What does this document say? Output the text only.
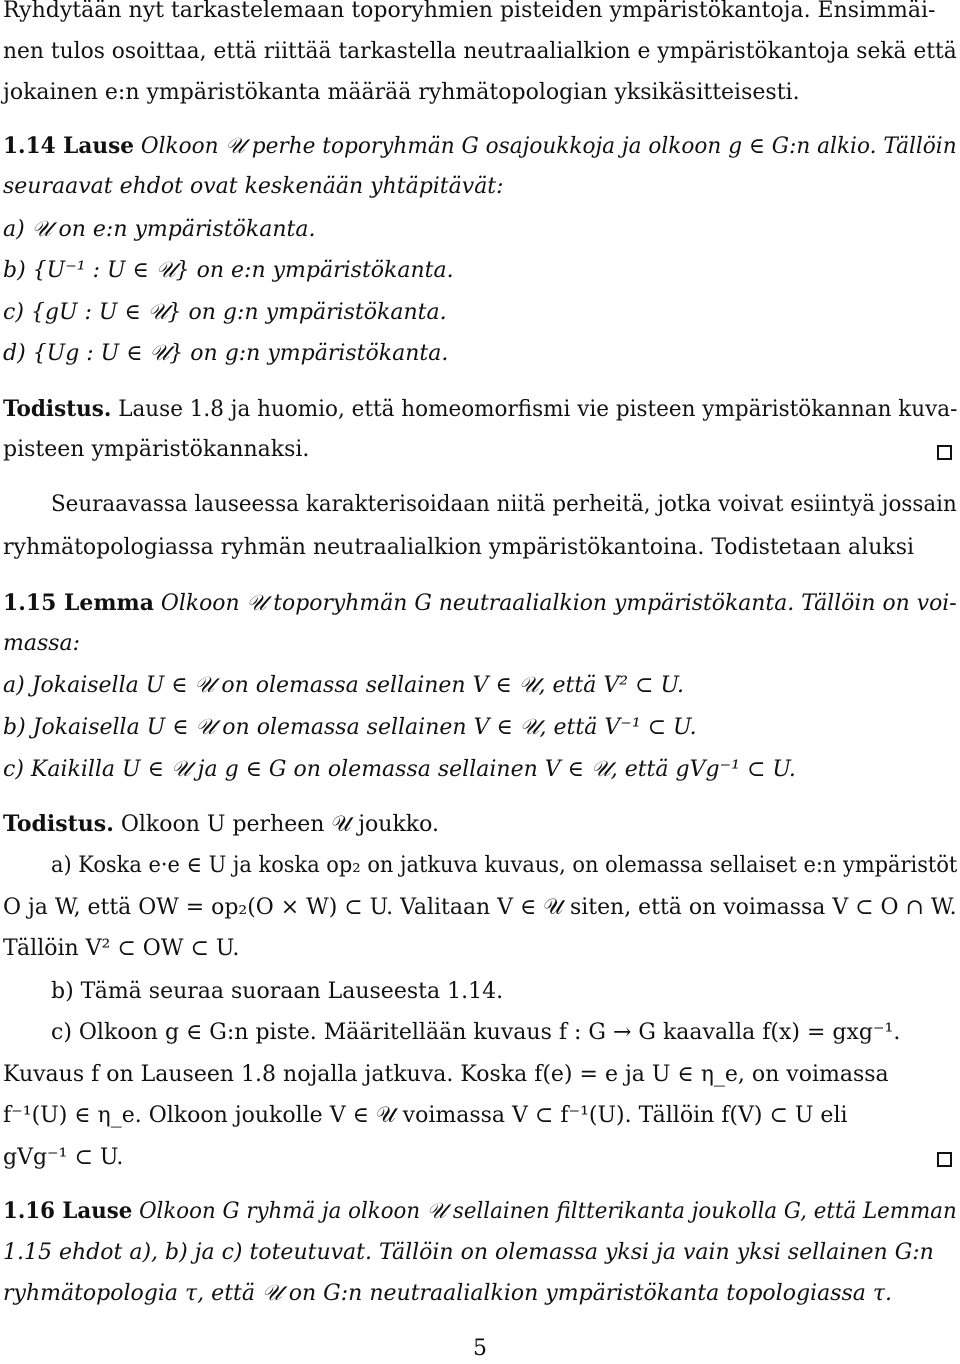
Ryhdytään nyt tarkastelemaan toporyhmien pisteiden ympäristökantoja. Ensimmäi-
nen tulos osoittaa, että riittää tarkastella neutraalialkion e ympäristökantoja sekä että
jokainen e:n ympäristökanta määrää ryhmätopologian yksikäsitteisesti.
1.14 Lause Olkoon 𝒰 perhe toporyhmän G osajoukkoja ja olkoon g ∈ G:n alkio. Tällöin
seuraavat ehdot ovat keskenään yhtäpitävät:
a) 𝒰 on e:n ympäristökanta.
b) {U⁻¹ : U ∈ 𝒰} on e:n ympäristökanta.
c) {gU : U ∈ 𝒰} on g:n ympäristökanta.
d) {Ug : U ∈ 𝒰} on g:n ympäristökanta.
Todistus. Lause 1.8 ja huomio, että homeomorfismi vie pisteen ympäristökannan kuva-
pisteen ympäristökannaksi.
Seuraavassa lauseessa karakterisoidaan niitä perheitä, jotka voivat esiintyä jossain
ryhmätopologiassa ryhmän neutraalialkion ympäristökantoina. Todistetaan aluksi
1.15 Lemma Olkoon 𝒰 toporyhmän G neutraalialkion ympäristökanta. Tällöin on voi-
massa:
a) Jokaisella U ∈ 𝒰 on olemassa sellainen V ∈ 𝒰, että V² ⊂ U.
b) Jokaisella U ∈ 𝒰 on olemassa sellainen V ∈ 𝒰, että V⁻¹ ⊂ U.
c) Kaikilla U ∈ 𝒰 ja g ∈ G on olemassa sellainen V ∈ 𝒰, että gVg⁻¹ ⊂ U.
Todistus. Olkoon U perheen 𝒰 joukko.
a) Koska e·e ∈ U ja koska op₂ on jatkuva kuvaus, on olemassa sellaiset e:n ympäristöt
O ja W, että OW = op₂(O × W) ⊂ U. Valitaan V ∈ 𝒰 siten, että on voimassa V ⊂ O ∩ W.
Tällöin V² ⊂ OW ⊂ U.
b) Tämä seuraa suoraan Lauseesta 1.14.
c) Olkoon g ∈ G:n piste. Määritellään kuvaus f : G → G kaavalla f(x) = gxg⁻¹.
Kuvaus f on Lauseen 1.8 nojalla jatkuva. Koska f(e) = e ja U ∈ η_e, on voimassa
f⁻¹(U) ∈ η_e. Olkoon joukolle V ∈ 𝒰 voimassa V ⊂ f⁻¹(U). Tällöin f(V) ⊂ U eli
gVg⁻¹ ⊂ U.
1.16 Lause Olkoon G ryhmä ja olkoon 𝒰 sellainen filtterikanta joukolla G, että Lemman
1.15 ehdot a), b) ja c) toteutuvat. Tällöin on olemassa yksi ja vain yksi sellainen G:n
ryhmätopologia τ, että 𝒰 on G:n neutraalialkion ympäristökanta topologiassa τ.
5
